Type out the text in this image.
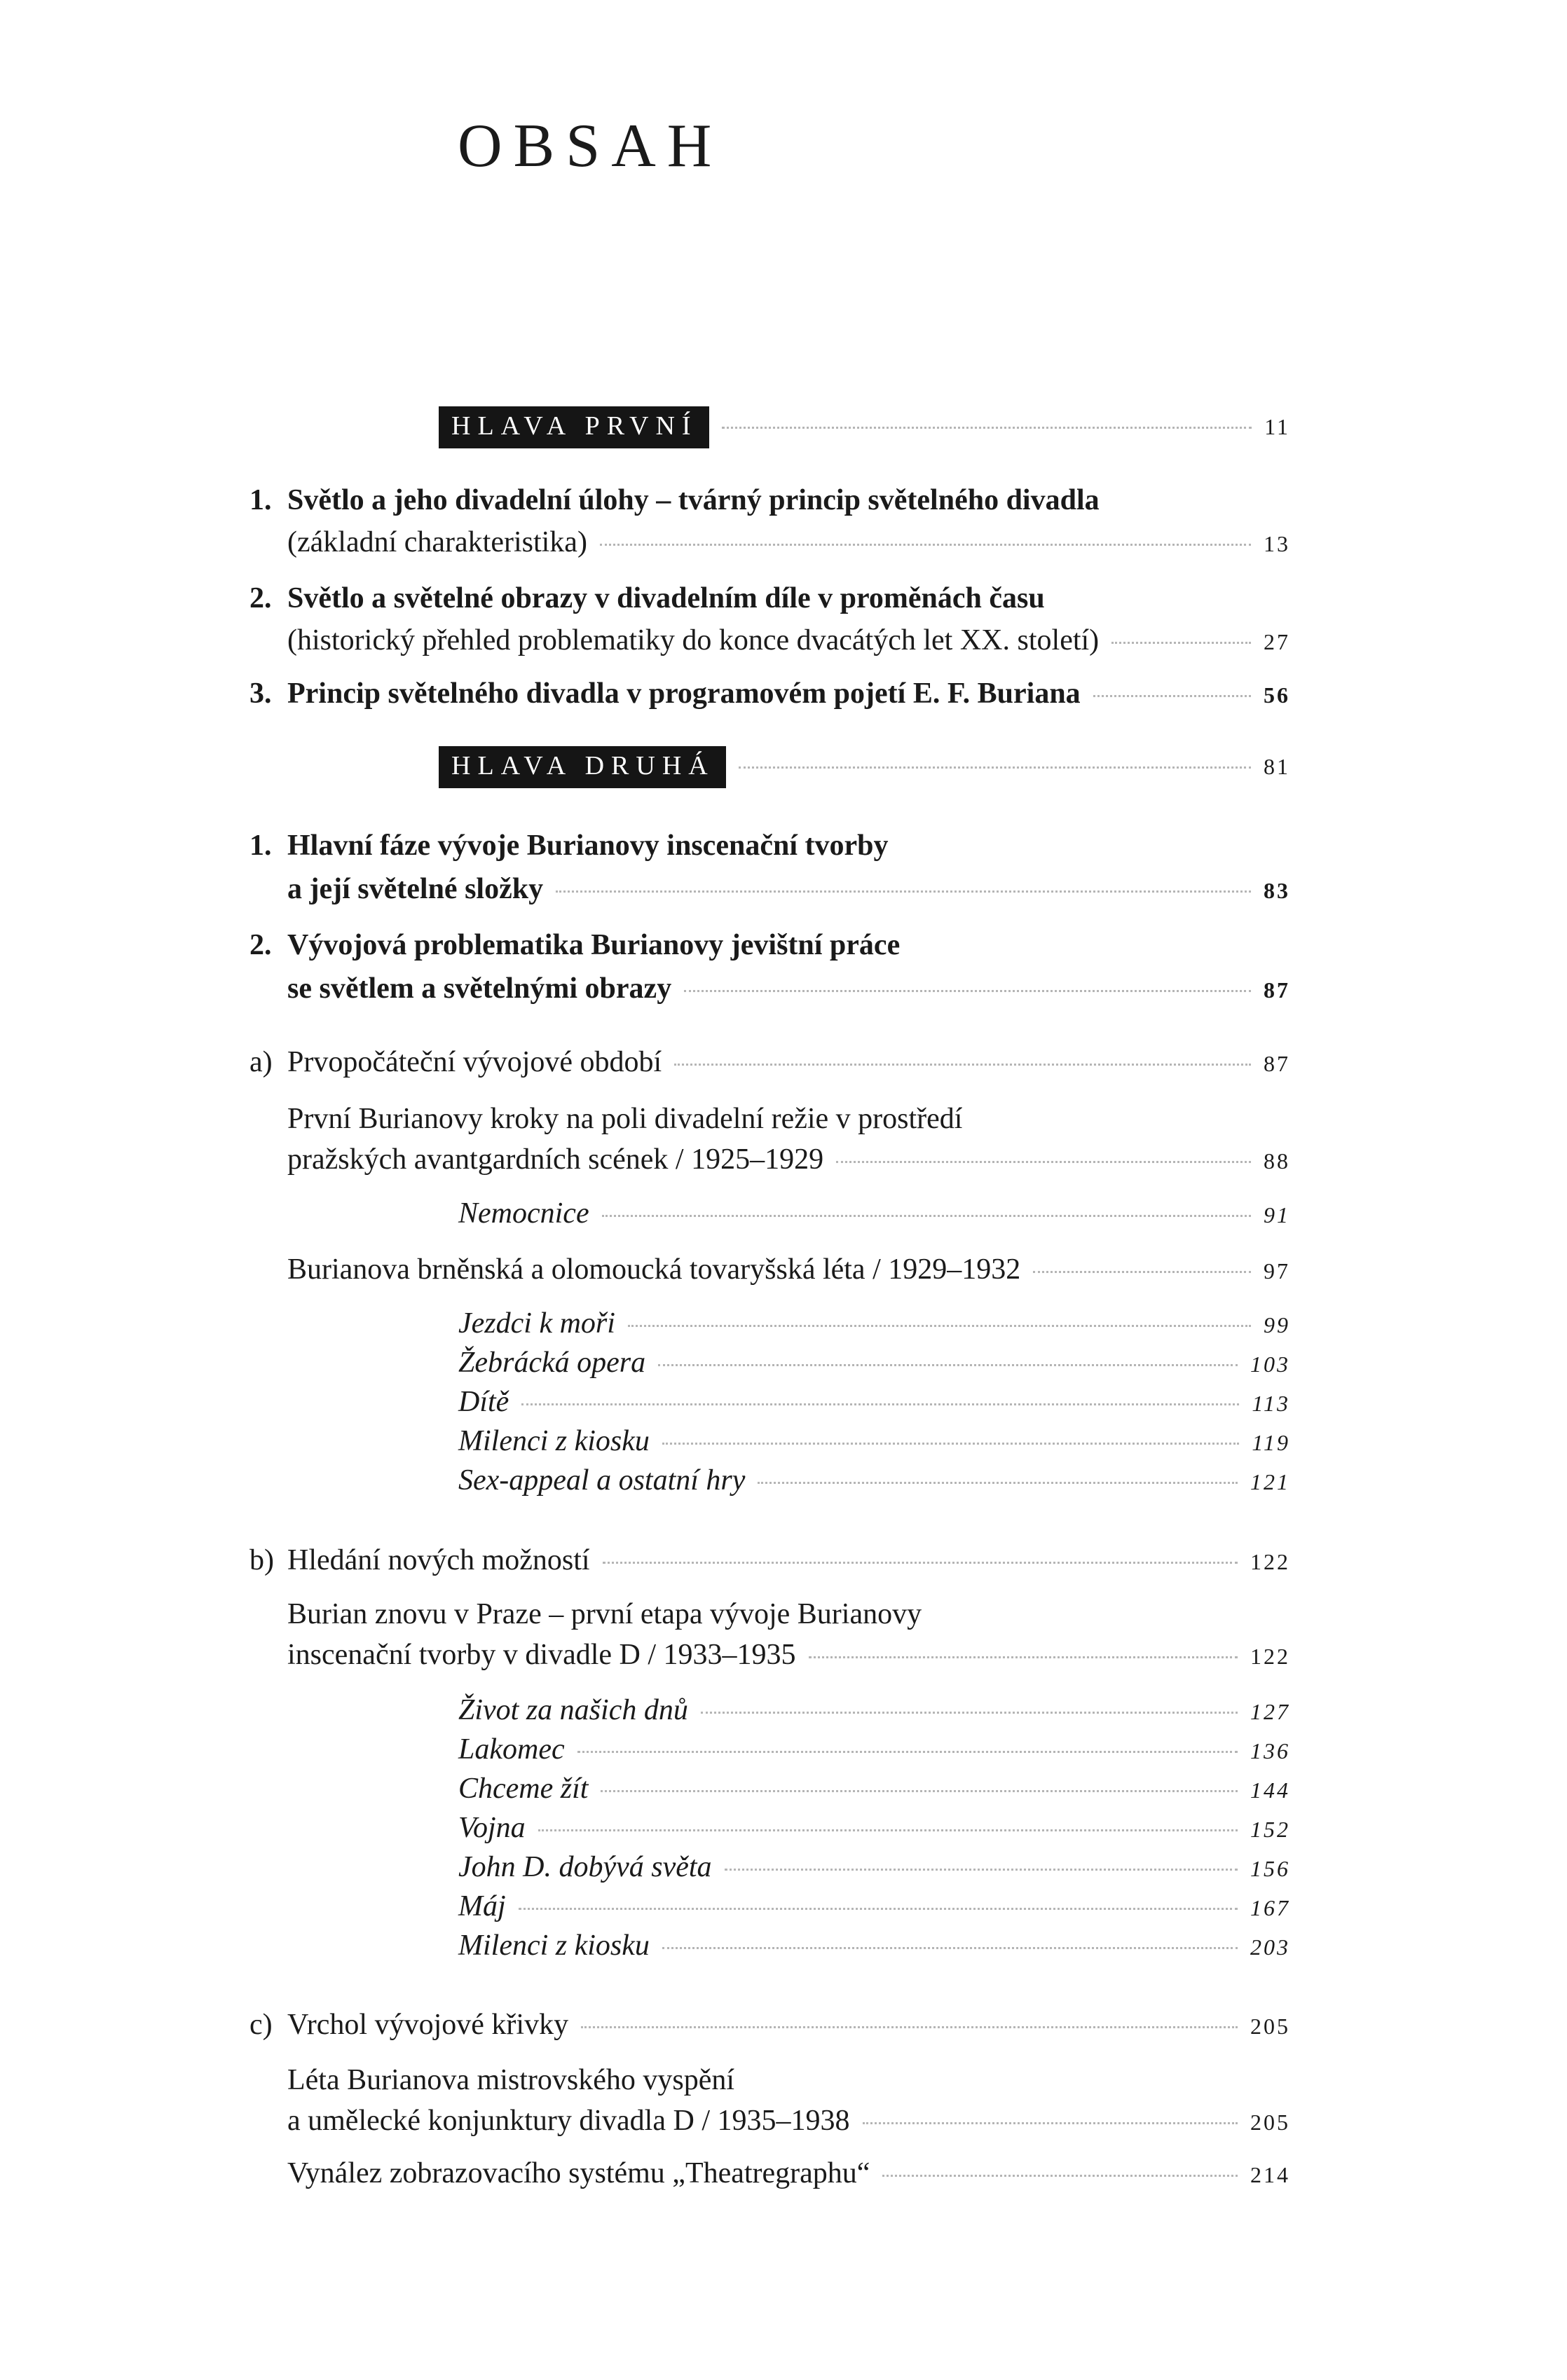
OBSAH
HLAVA PRVNÍ	11
1. Světlo a jeho divadelní úlohy – tvárný princip světelného divadla
(základní charakteristika)	13
2. Světlo a světelné obrazy v divadelním díle v proměnách času
(historický přehled problematiky do konce dvacátých let XX. století)	27
3. Princip světelného divadla v programovém pojetí E. F. Buriana	56
HLAVA DRUHÁ	81
1. Hlavní fáze vývoje Burianovy inscenační tvorby
a její světelné složky	83
2. Vývojová problematika Burianovy jevištní práce
se světlem a světelnými obrazy	87
a) Prvopočáteční vývojové období	87
První Burianovy kroky na poli divadelní režie v prostředí
pražských avantgardních scének / 1925–1929	88
Nemocnice	91
Burianova brněnská a olomoucká tovaryšská léta / 1929–1932	97
Jezdci k moři	99
Žebrácká opera	103
Dítě	113
Milenci z kiosku	119
Sex-appeal a ostatní hry	121
b) Hledání nových možností	122
Burian znovu v Praze – první etapa vývoje Burianovy
inscenační tvorby v divadle D / 1933–1935	122
Život za našich dnů	127
Lakomec	136
Chceme žít	144
Vojna	152
John D. dobývá světa	156
Máj	167
Milenci z kiosku	203
c) Vrchol vývojové křivky	205
Léta Burianova mistrovského vyspění
a umělecké konjunktury divadla D / 1935–1938	205
Vynález zobrazovacího systému „Theatregraphu“	214
